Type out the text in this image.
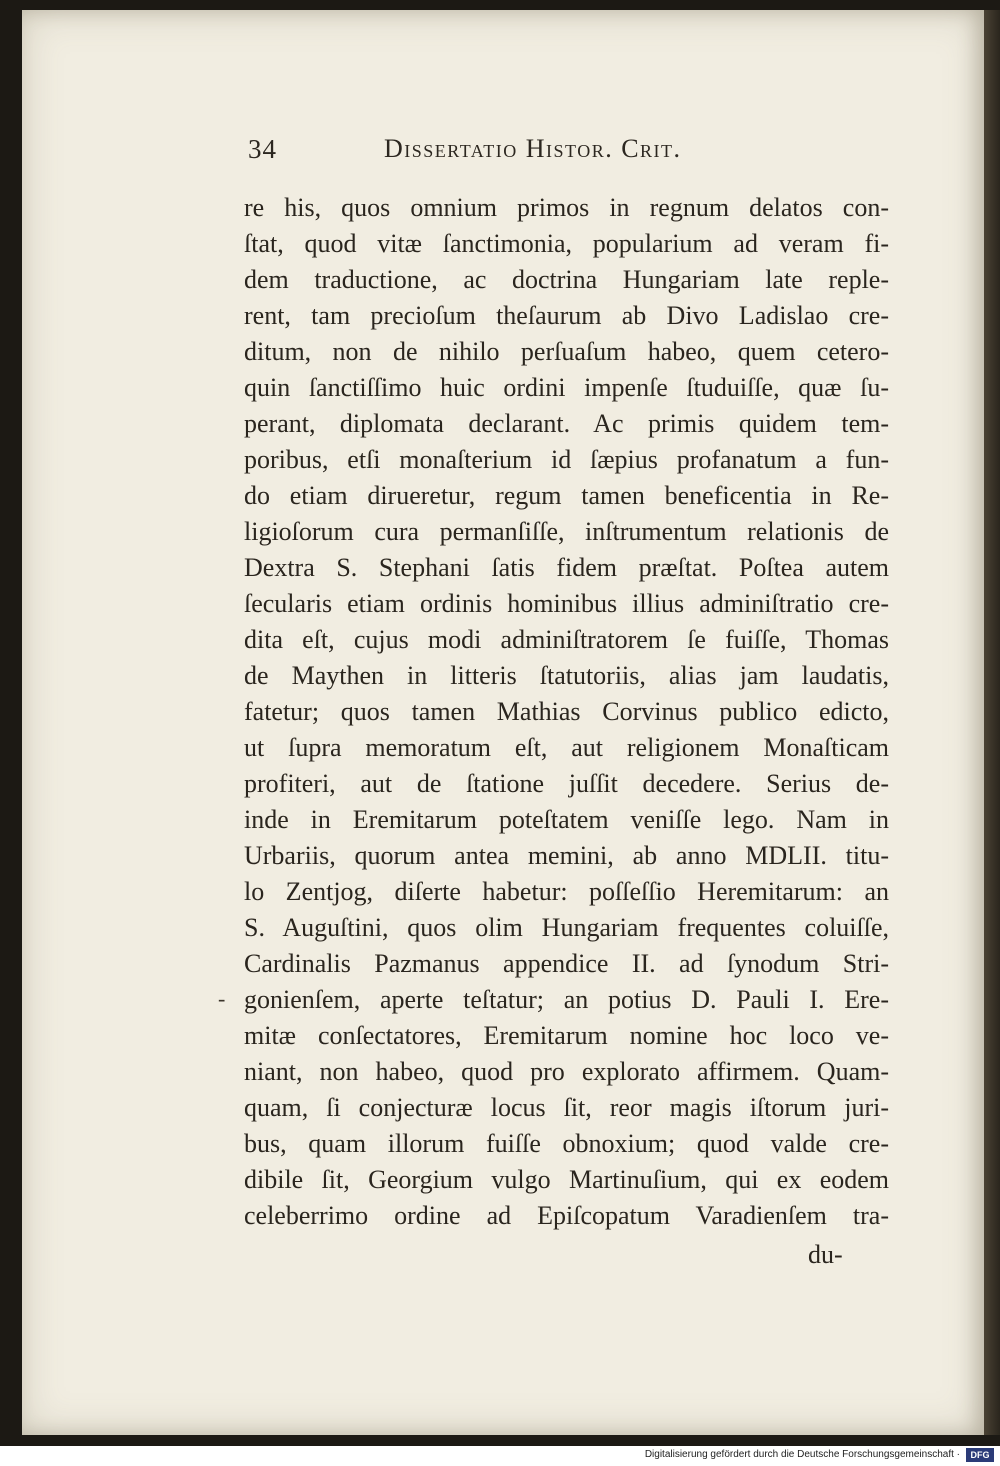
34	Dissertatio Histor. Crit.
re his, quos omnium primos in regnum delatos con-
ſtat, quod vitæ ſanctimonia, popularium ad veram fi-
dem traductione, ac doctrina Hungariam late reple-
rent, tam precioſum theſaurum ab Divo Ladislao cre-
ditum, non de nihilo perſuaſum habeo, quem cetero-
quin ſanctiſſimo huic ordini impenſe ſtuduiſſe, quæ ſu-
perant, diplomata declarant. Ac primis quidem tem-
poribus, etſi monaſterium id ſæpius profanatum a fun-
do etiam dirueretur, regum tamen beneficentia in Re-
ligioſorum cura permanſiſſe, inſtrumentum relationis de
Dextra S. Stephani ſatis fidem præſtat. Poſtea autem
ſecularis etiam ordinis hominibus illius adminiſtratio cre-
dita eſt, cujus modi adminiſtratorem ſe fuiſſe, Thomas
de Maythen in litteris ſtatutoriis, alias jam laudatis,
fatetur; quos tamen Mathias Corvinus publico edicto,
ut ſupra memoratum eſt, aut religionem Monaſticam
profiteri, aut de ſtatione juſſit decedere. Serius de-
inde in Eremitarum poteſtatem veniſſe lego. Nam in
Urbariis, quorum antea memini, ab anno MDLII. titu-
lo Zentjog, diſerte habetur: poſſeſſio Heremitarum: an
S. Auguſtini, quos olim Hungariam frequentes coluiſſe,
Cardinalis Pazmanus appendice II. ad ſynodum Stri-
gonienſem, aperte teſtatur; an potius D. Pauli I. Ere-
mitæ conſectatores, Eremitarum nomine hoc loco ve-
niant, non habeo, quod pro explorato affirmem. Quam-
quam, ſi conjecturæ locus ſit, reor magis iſtorum juri-
bus, quam illorum fuiſſe obnoxium; quod valde cre-
dibile ſit, Georgium vulgo Martinuſium, qui ex eodem
celeberrimo ordine ad Epiſcopatum Varadienſem tra-
-
du-
Digitalisierung gefördert durch die Deutsche Forschungsgemeinschaft ·	DFG
